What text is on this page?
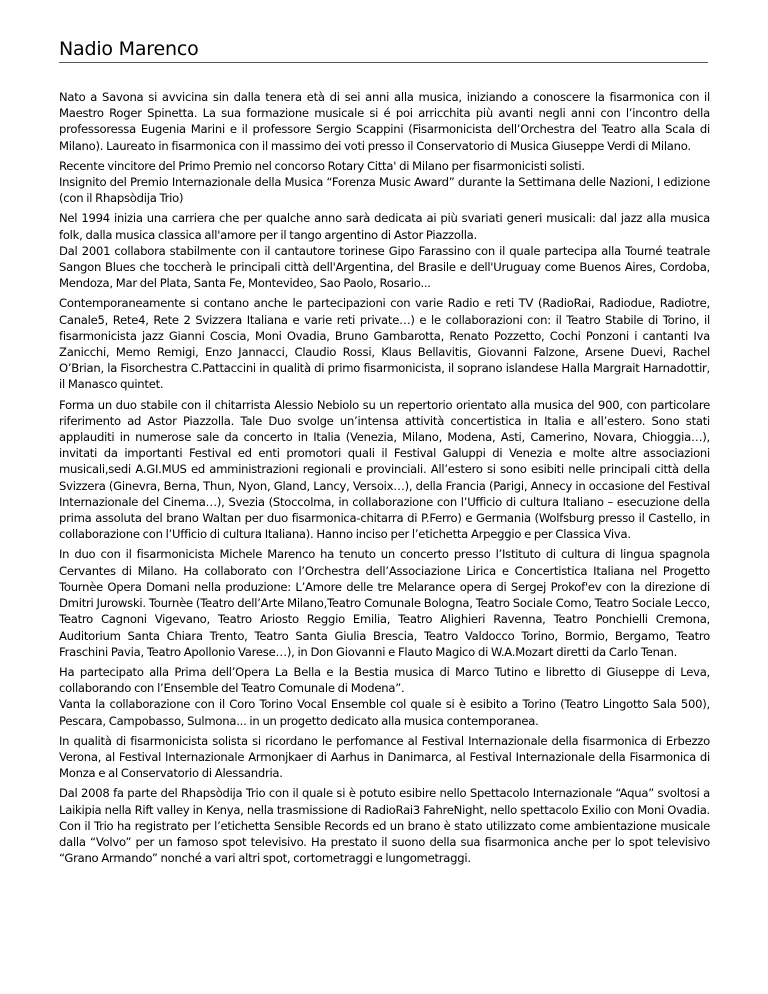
Nadio Marenco

Nato a Savona si avvicina sin dalla tenera età di sei anni alla musica, iniziando a conoscere la fisarmonica con il Maestro Roger Spinetta. La sua formazione musicale si é poi arricchita più avanti negli anni con l’incontro della professoressa Eugenia Marini e il professore Sergio Scappini (Fisarmonicista dell’Orchestra del Teatro alla Scala di Milano). Laureato in fisarmonica con il massimo dei voti presso il Conservatorio di Musica Giuseppe Verdi di Milano.

Recente vincitore del Primo Premio nel concorso Rotary Citta' di Milano per fisarmonicisti solisti.

Insignito del Premio Internazionale della Musica “Forenza Music Award” durante la Settimana delle Nazioni, I edizione (con il Rhapsòdija Trio)

Nel 1994 inizia una carriera che per qualche anno sarà dedicata ai più svariati generi musicali: dal jazz alla musica folk, dalla musica classica all'amore per il tango argentino di Astor Piazzolla.

Dal 2001 collabora stabilmente con il cantautore torinese Gipo Farassino con il quale partecipa alla Tourné teatrale Sangon Blues che toccherà le principali città dell'Argentina, del Brasile e dell'Uruguay come Buenos Aires, Cordoba, Mendoza, Mar del Plata, Santa Fe, Montevideo, Sao Paolo, Rosario...

Contemporaneamente si contano anche le partecipazioni con varie Radio e reti TV (RadioRai, Radiodue, Radiotre, Canale5, Rete4, Rete 2 Svizzera Italiana e varie reti private…) e le collaborazioni con: il Teatro Stabile di Torino, il fisarmonicista jazz Gianni Coscia, Moni Ovadia, Bruno Gambarotta, Renato Pozzetto, Cochi Ponzoni i cantanti Iva Zanicchi, Memo Remigi, Enzo Jannacci, Claudio Rossi, Klaus Bellavitis, Giovanni Falzone, Arsene Duevi, Rachel O’Brian, la Fisorchestra C.Pattaccini in qualità di primo fisarmonicista, il soprano islandese Halla Margrait Harnadottir, il Manasco quintet.

Forma un duo stabile con il chitarrista Alessio Nebiolo su un repertorio orientato alla musica del 900, con particolare riferimento ad Astor Piazzolla. Tale Duo svolge un’intensa attività concertistica in Italia e all’estero. Sono stati applauditi in numerose sale da concerto in Italia (Venezia, Milano, Modena, Asti, Camerino, Novara, Chioggia…), invitati da importanti Festival ed enti promotori quali il Festival Galuppi di Venezia e molte altre associazioni musicali,sedi A.GI.MUS ed amministrazioni regionali e provinciali. All’estero si sono esibiti nelle principali città della Svizzera (Ginevra, Berna, Thun, Nyon, Gland, Lancy, Versoix…), della Francia (Parigi, Annecy in occasione del Festival Internazionale del Cinema…), Svezia (Stoccolma, in collaborazione con l’Ufficio di cultura Italiano – esecuzione della prima assoluta del brano Waltan per duo fisarmonica-chitarra di P.Ferro) e Germania (Wolfsburg presso il Castello, in collaborazione con l’Ufficio di cultura Italiana). Hanno inciso per l’etichetta Arpeggio e per Classica Viva.

In duo con il fisarmonicista Michele Marenco ha tenuto un concerto presso l’Istituto di cultura di lingua spagnola Cervantes di Milano. Ha collaborato con l’Orchestra dell’Associazione Lirica e Concertistica Italiana nel Progetto Tournèe Opera Domani nella produzione: L’Amore delle tre Melarance opera di Sergej Prokof'ev con la direzione di Dmitri Jurowski. Tournèe (Teatro dell’Arte Milano,Teatro Comunale Bologna, Teatro Sociale Como, Teatro Sociale Lecco, Teatro Cagnoni Vigevano, Teatro Ariosto Reggio Emilia, Teatro Alighieri Ravenna, Teatro Ponchielli Cremona, Auditorium Santa Chiara Trento, Teatro Santa Giulia Brescia, Teatro Valdocco Torino, Bormio, Bergamo, Teatro Fraschini Pavia, Teatro Apollonio Varese…), in Don Giovanni e Flauto Magico di W.A.Mozart diretti da Carlo Tenan.

Ha partecipato alla Prima dell’Opera La Bella e la Bestia musica di Marco Tutino e libretto di Giuseppe di Leva, collaborando con l’Ensemble del Teatro Comunale di Modena”.

Vanta la collaborazione con il Coro Torino Vocal Ensemble col quale si è esibito a Torino (Teatro Lingotto Sala 500), Pescara, Campobasso, Sulmona... in un progetto dedicato alla musica contemporanea.

In qualità di fisarmonicista solista si ricordano le perfomance al Festival Internazionale della fisarmonica di Erbezzo Verona, al Festival Internazionale Armonjkaer di Aarhus in Danimarca, al Festival Internazionale della Fisarmonica di Monza e al Conservatorio di Alessandria.

Dal 2008 fa parte del Rhapsòdija Trio con il quale si è potuto esibire nello Spettacolo Internazionale “Aqua” svoltosi a Laikipia nella Rift valley in Kenya, nella trasmissione di RadioRai3 FahreNight, nello spettacolo Exilio con Moni Ovadia. Con il Trio ha registrato per l’etichetta Sensible Records ed un brano è stato utilizzato come ambientazione musicale dalla “Volvo” per un famoso spot televisivo. Ha prestato il suono della sua fisarmonica anche per lo spot televisivo “Grano Armando” nonché a vari altri spot, cortometraggi e lungometraggi.
